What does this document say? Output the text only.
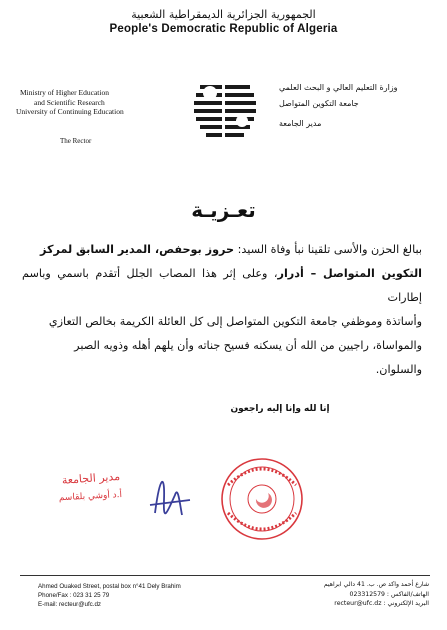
الجمهورية الجزائرية الديمقراطية الشعبية
People's Democratic Republic of Algeria
Ministry of Higher Education
and Scientific Research
University of Continuing Education
The Rector
وزارة التعليم العالي و البحث العلمي
جامعة التكوين المتواصل
مدير الجامعة
تعـزيـة
ببالغ الحزن والأسى تلقينا نبأ وفاة السيد: حروز بوحفص، المدير السابق لمركز
التكوين المتواصل – أدرار، وعلى إثر هذا المصاب الجلل أتقدم باسمي وباسم إطارات
وأساتذة وموظفي جامعة التكوين المتواصل إلى كل العائلة الكريمة بخالص التعازي
والمواساة، راجيين من الله أن يسكنه فسيح جناته وأن يلهم أهله وذويه الصبر
والسلوان.
إنا لله وإنا إليه راجعون
مدير الجامعة
أ.د أوشي بلقاسم
Ahmed Ouaked Street, postal box n°41 Dely Brahim
Phone/Fax : 023 31 25 79
E-mail: recteur@ufc.dz
شارع أحمد واكد ص. ب. 41 دالي ابراهيم
الهاتف/الفاكس : 023312579
البريد الإلكتروني : recteur@ufc.dz
